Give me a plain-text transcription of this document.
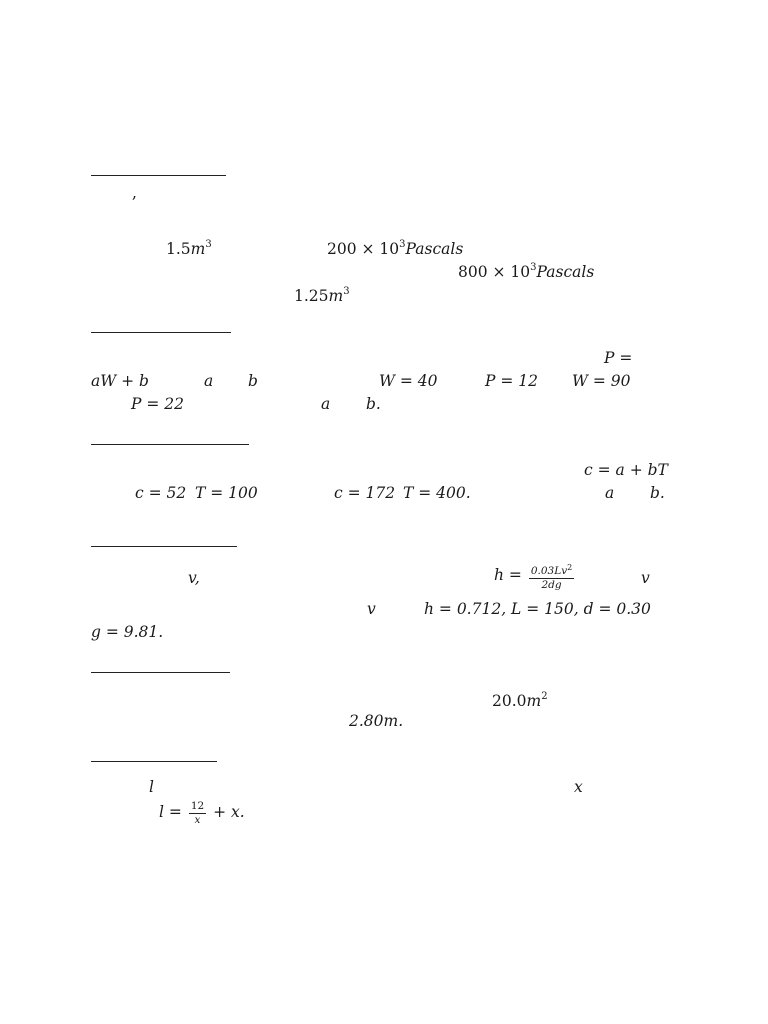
,
$1.5m^3$	$200 \times 10^3Pascals$
$800 \times 10^3Pascals$
$1.25m^3$
P =
aW + b	a b	W = 40	P = 12 W = 90
P = 22	a b.
c = a + bT
c = 52 T = 100	c = 172 T = 400.	a b.
v,	$h = \frac{0.03Lv^2}{2dg}$	v
v	h = 0.712, L = 150, d = 0.30
g = 9.81.
$20.0m^2$
2.80m.
l	x
$l = \frac{12}{x} + x$.
